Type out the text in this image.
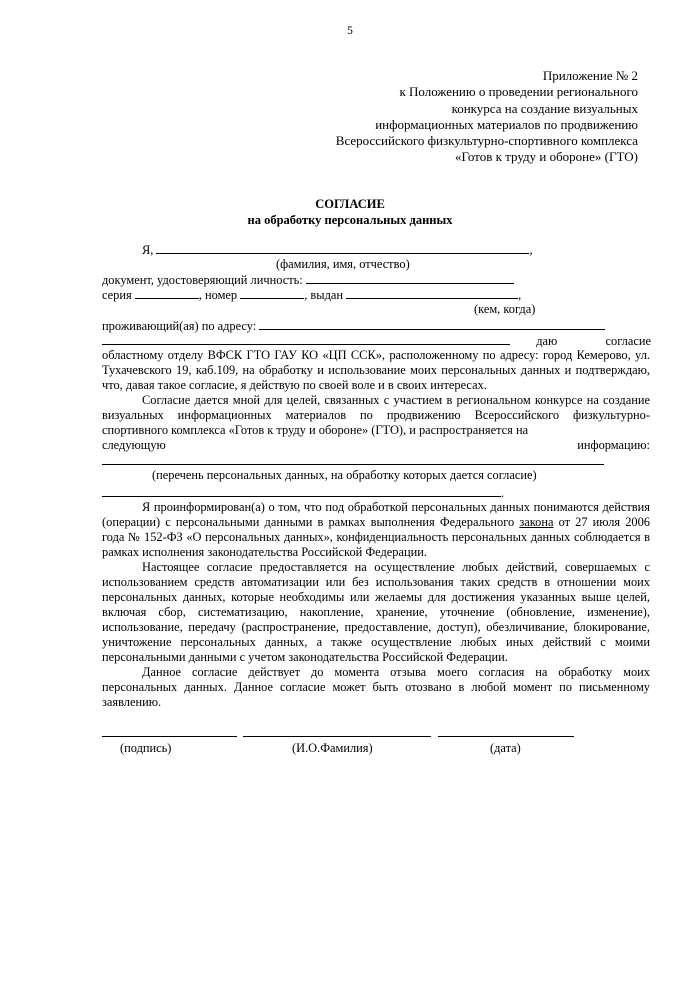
5
Приложение № 2
к Положению о проведении регионального
конкурса на создание визуальных
информационных материалов по продвижению
Всероссийского физкультурно-спортивного комплекса
«Готов к труду и обороне» (ГТО)
СОГЛАСИЕ
на обработку персональных данных
Я,	,
(фамилия, имя, отчество)
документ, удостоверяющий личность:
серия	, номер	, выдан	,
(кем, когда)
проживающий(ая) по адресу:
даю	согласие
областному отделу ВФСК ГТО ГАУ КО «ЦП ССК», расположенному по адресу: город Кемерово, ул. Тухачевского 19, каб.109, на обработку и использование моих персональных данных и подтверждаю, что, давая такое согласие, я действую по своей воле и в своих интересах.
Согласие дается мной для целей, связанных с участием в региональном конкурсе на создание визуальных информационных материалов по продвижению Всероссийского физкультурно-спортивного комплекса «Готов к труду и обороне» (ГТО), и распространяется на
следующую	информацию:
(перечень персональных данных, на обработку которых дается согласие)
.
Я проинформирован(а) о том, что под обработкой персональных данных понимаются действия (операции) с персональными данными в рамках выполнения Федерального закона от 27 июля 2006 года № 152-ФЗ «О персональных данных», конфиденциальность персональных данных соблюдается в рамках исполнения законодательства Российской Федерации.
Настоящее согласие предоставляется на осуществление любых действий, совершаемых с использованием средств автоматизации или без использования таких средств в отношении моих персональных данных, которые необходимы или желаемы для достижения указанных выше целей, включая сбор, систематизацию, накопление, хранение, уточнение (обновление, изменение), использование, передачу (распространение, предоставление, доступ), обезличивание, блокирование, уничтожение персональных данных, а также осуществление любых иных действий с моими персональными данными с учетом законодательства Российской Федерации.
Данное согласие действует до момента отзыва моего согласия на обработку моих персональных данных. Данное согласие может быть отозвано в любой момент по письменному заявлению.
(подпись)	(И.О.Фамилия)	(дата)
